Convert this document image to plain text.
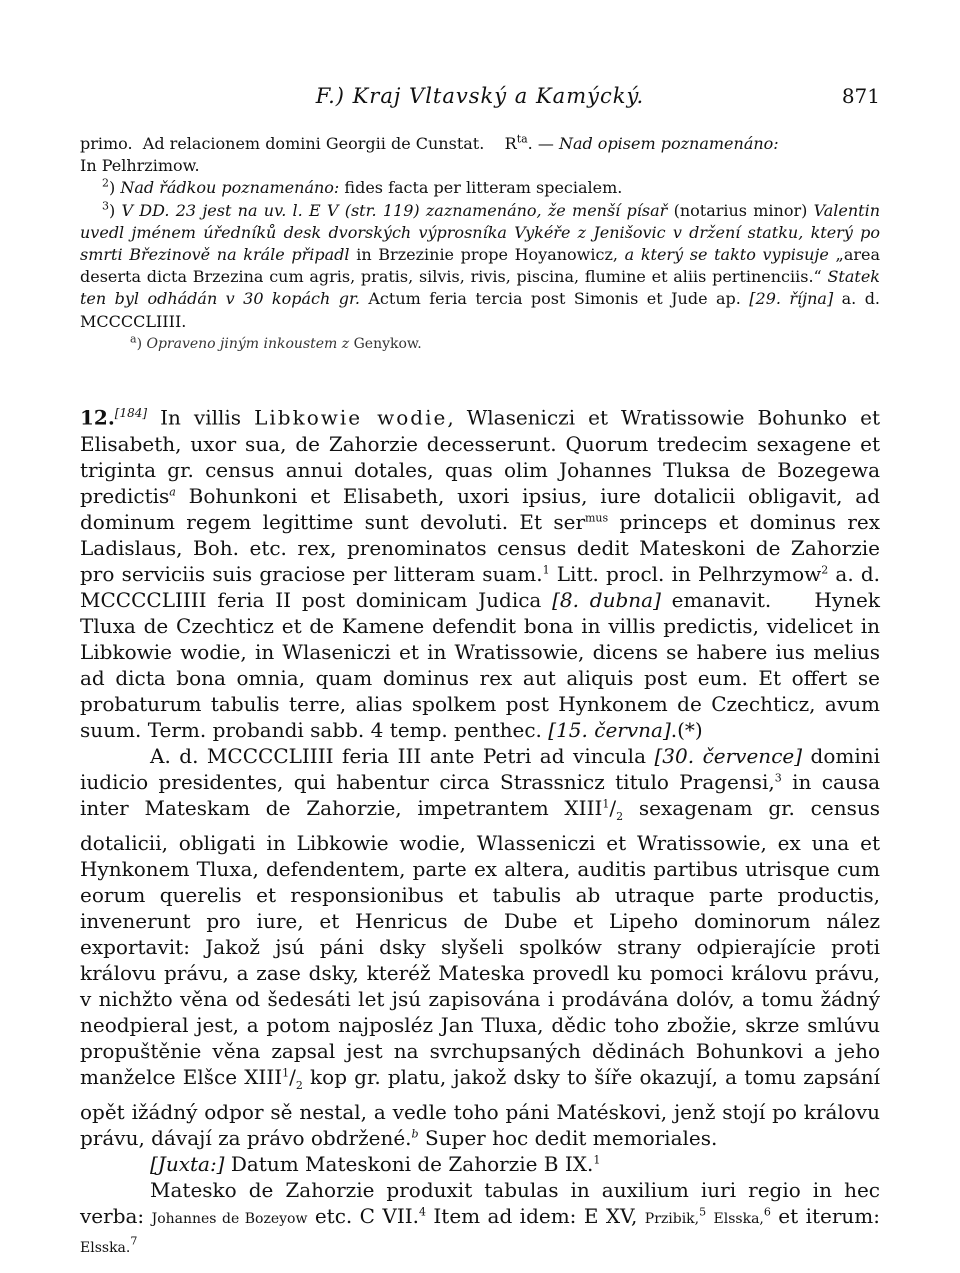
F.) Kraj Vltavský a Kamýcký.	871

primo.  Ad relacionem domini Georgii de Cunstat.    $R^{ta}$. — Nad opisem poznamenáno:

In Pelhrzimow.

$^2$) Nad řádkou poznamenáno: fides facta per litteram specialem.

$^3$) V DD. 23 jest na uv. l. E V (str. 119) zaznamenáno, že menší písař (notarius minor) Valentin uvedl jménem úředníků desk dvorských výprosníka Vykéře z Jenišovic v držení statku, který po smrti Březinově na krále připadl in Brzezinie prope Hoyanowicz, a který se takto vypisuje „area deserta dicta Brzezina cum agris, pratis, silvis, rivis, piscina, flumine et aliis pertinenciis.“ Statek ten byl odhádán v 30 kopách gr. Actum feria tercia post Simonis et Jude ap. [29. října] a. d. MCCCCLIIII.

$^a$) Opraveno jiným inkoustem z Genykow.

12.[184] In villis Libkowie wodie, Wlaseniczi et Wratissowie Bohunko et Elisabeth, uxor sua, de Zahorzie decesserunt. Quorum tredecim sexagene et triginta gr. census annui dotales, quas olim Johannes Tluksa de Bozegewa predictis$^a$ Bohunkoni et Elisabeth, uxori ipsius, iure dotalicii obligavit, ad dominum regem legittime sunt devoluti. Et ser$^{mus}$ princeps et dominus rex Ladislaus, Boh. etc. rex, prenominatos census dedit Mateskoni de Zahorzie pro serviciis suis graciose per litteram suam.$^1$ Litt. procl. in Pelhrzymow$^2$ a. d. MCCCCLIIII feria II post dominicam Judica [8. dubna] emanavit.    Hynek Tluxa de Czechticz et de Kamene defendit bona in villis predictis, videlicet in Libkowie wodie, in Wlaseniczi et in Wratissowie, dicens se habere ius melius ad dicta bona omnia, quam dominus rex aut aliquis post eum. Et offert se probaturum tabulis terre, alias spolkem post Hynkonem de Czechticz, avum suum. Term. probandi sabb. 4 temp. penthec. [15. června].(*)

A. d. MCCCCLIIII feria III ante Petri ad vincula [30. července] domini iudicio presidentes, qui habentur circa Strassnicz titulo Pragensi,$^3$ in causa inter Mateskam de Zahorzie, impetrantem $XIII^1/_2$ sexagenam gr. census dotalicii, obligati in Libkowie wodie, Wlasseniczi et Wratissowie, ex una et Hynkonem Tluxa, defendentem, parte ex altera, auditis partibus utrisque cum eorum querelis et responsionibus et tabulis ab utraque parte productis, invenerunt pro iure, et Henricus de Dube et Lipeho dominorum nález exportavit: Jakož jsú páni dsky slyšeli spolków strany odpierajície proti královu právu, a zase dsky, kteréž Mateska provedl ku pomoci královu právu, v nichžto věna od šedesáti let jsú zapisována i prodávána dolóv, a tomu žádný neodpieral jest, a potom najposléz Jan Tluxa, dědic toho zbožie, skrze smlúvu propuštěnie věna zapsal jest na svrchupsaných dědinách Bohunkovi a jeho manželce Elšce $XIII^1/_2$ kop gr. platu, jakož dsky to šíře okazují, a tomu zapsání opět ižádný odpor sě nestal, a vedle toho páni Matéskovi, jenž stojí po královu právu, dávají za právo obdržené.$^b$ Super hoc dedit memoriales.

[Juxta:] Datum Mateskoni de Zahorzie B IX.$^1$

Matesko de Zahorzie produxit tabulas in auxilium iuri regio in hec verba: Johannes de Bozeyow etc. C VII.$^4$ Item ad idem: E XV, Przibik,$^5$ Elsska,$^6$ et iterum: Elsska.$^7$
